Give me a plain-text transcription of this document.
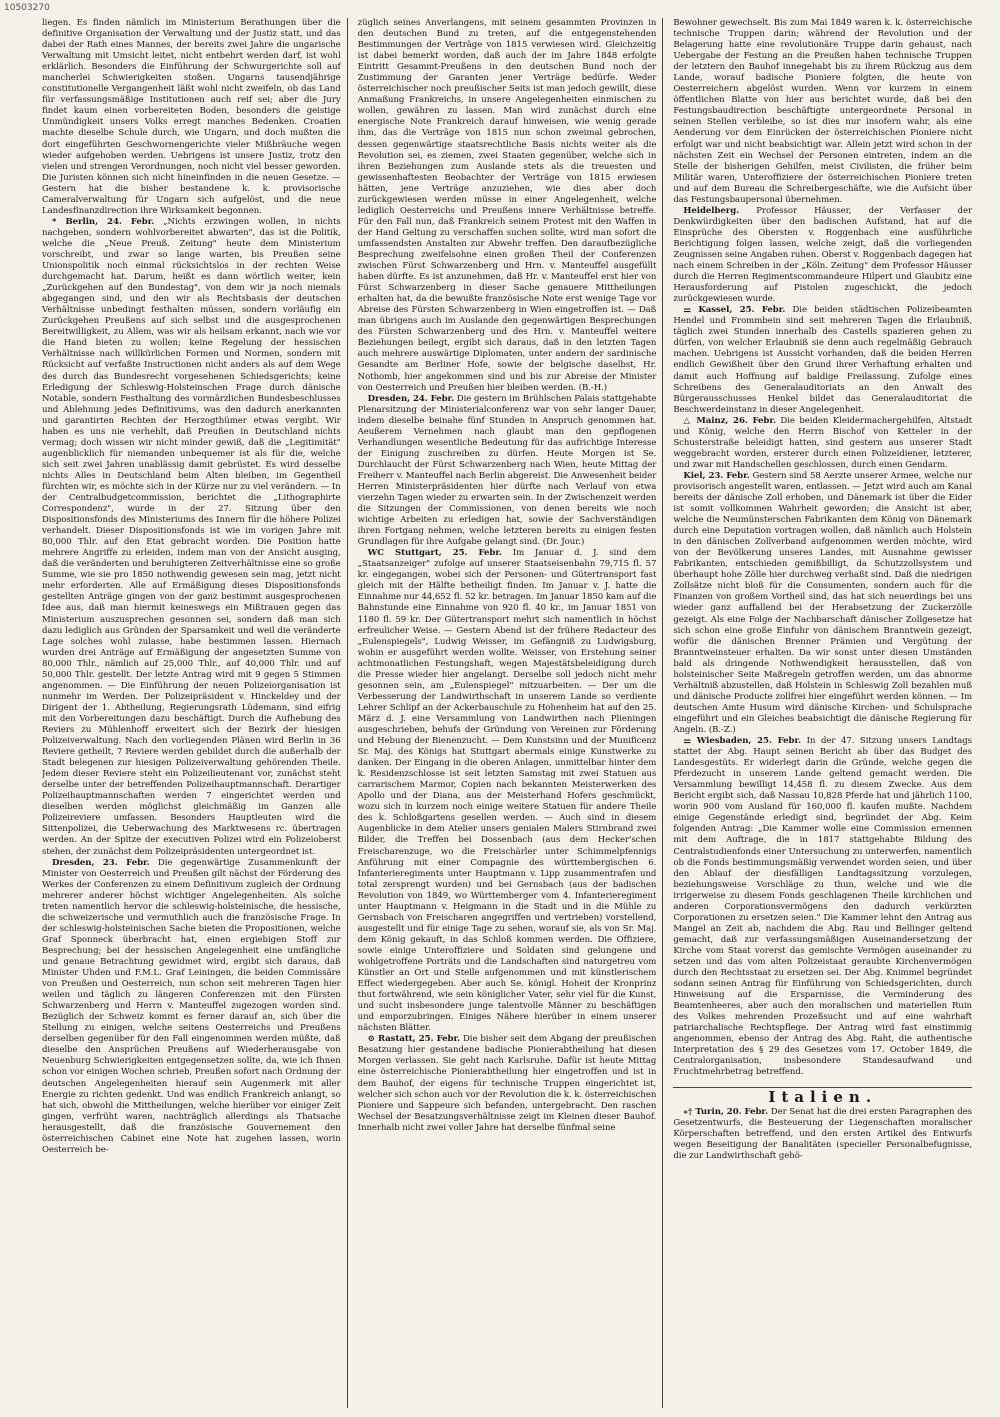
10503270

liegen. Es finden nämlich im Ministerium Berathungen über die definitive Organisation der Verwaltung und der Justiz statt, und das dabei der Rath eines Mannes, der bereits zwei Jahre die ungarische Verwaltung mit Umsicht leitet, nicht entbehrt werden darf, ist wohl erklärlich. Besonders die Einführung der Schwurgerichte soll auf mancherlei Schwierigkeiten stoßen. Ungarns tausendjährige constitutionelle Vergangenheit läßt wohl nicht zweifeln, ob das Land für verfassungsmäßige Institutionen auch reif sei; aber die Jury findet kaum einen vorbereiteten Boden, besonders die geistige Unmündigkeit unsers Volks erregt manches Bedenken. Croatien machte dieselbe Schule durch, wie Ungarn, und doch mußten die dort eingeführten Geschwornengerichte vieler Mißbräuche wegen wieder aufgehoben werden. Uebrigens ist unsere Justiz, trotz den vielen und strengen Verordnungen, noch nicht viel besser geworden. Die Juristen können sich nicht hineinfinden in die neuen Gesetze. — Gestern hat die bisher bestandene k. k. provisorische Cameralverwaltung für Ungarn sich aufgelöst, und die neue Landesfinanzdirection ihre Wirksamkeit begonnen.

* Berlin, 24. Febr. „Nichts erzwingen wollen, in nichts nachgeben, sondern wohlvorbereitet abwarten", das ist die Politik, welche die „Neue Preuß. Zeitung" heute dem Ministerium vorschreibt, und zwar so lange warten, bis Preußen seine Unionspolitik noch einmal rücksichtslos in der rechten Weise durchgemacht hat. Darum, heißt es dann wörtlich weiter, kein „Zurückgehen auf den Bundestag", von dem wir ja noch niemals abgegangen sind, und den wir als Rechtsbasis der deutschen Verhältnisse unbedingt festhalten müssen, sondern vorläufig ein Zurückgehen Preußens auf sich selbst und die ausgesprochenen Bereitwilligkeit, zu Allem, was wir als heilsam erkannt, nach wie vor die Hand bieten zu wollen; keine Regelung der hessischen Verhältnisse nach willkürlichen Formen und Normen, sondern mit Rücksicht auf verfaßte Instructionen nicht anders als auf dem Wege des durch das Bundesrecht vorgesehenen Schiedsgerichts; keine Erledigung der Schleswig-Holsteinschen Frage durch dänische Notable, sondern Festhaltung des vormärzlichen Bundesbeschlusses und Ablehnung jedes Definitivums, was den dadurch anerkannten und garantirten Rechten der Herzogthümer etwas vergibt. Wir haben es uns nie verhehlt, daß Preußen in Deutschland nichts vermag; doch wissen wir nicht minder gewiß, daß die „Legitimität" augenblicklich für niemanden unbequemer ist als für die, welche sich seit zwei Jahren unablässig damit gebrüstet. Es wird desselbe nichts Alles in Deutschland beim Alten bleiben, im Gegentheil fürchten wir, es möchte sich in der Kürze nur zu viel verändern. — In der Centralbudgetcommission, berichtet die „Lithographirte Correspondenz", wurde in der 27. Sitzung über den Dispositionsfonds des Ministeriums des Innern für die höhere Polizei verhandelt. Dieser Dispositionsfonds ist wie im vorigen Jahre mit 80,000 Thlr. auf den Etat gebracht worden. Die Position hatte mehrere Angriffe zu erleiden, indem man von der Ansicht ausging, daß die veränderten und beruhigteren Zeitverhältnisse eine so große Summe, wie sie pro 1850 nothwendig gewesen sein mag, jetzt nicht mehr erforderten. Alle auf Ermäßigung dieses Dispositionsfonds gestellten Anträge gingen von der ganz bestimmt ausgesprochenen Idee aus, daß man hiermit keineswegs ein Mißtrauen gegen das Ministerium auszusprechen gesonnen sei, sondern daß man sich dazu lediglich aus Gründen der Sparsamkeit und weil die veränderte Lage solches wohl zulasse, habe bestimmen lassen. Hiernach wurden drei Anträge auf Ermäßigung der angesetzten Summe von 80,000 Thlr., nämlich auf 25,000 Thlr., auf 40,000 Thlr. und auf 50,000 Thlr. gestellt. Der letzte Antrag wird mit 9 gegen 5 Stimmen angenommen. — Die Einführung der neuen Polizeiorganisation ist nunmehr im Werden. Der Polizeipräsident v. Hinckeldey und der Dirigent der 1. Abtheilung, Regierungsrath Lüdemann, sind eifrig mit den Vorbereitungen dazu beschäftigt. Durch die Aufhebung des Reviers zu Mühlenhoff erweitert sich der Bezirk der hiesigen Polizeiverwaltung. Nach den vorliegenden Plänen wird Berlin in 36 Reviere getheilt, 7 Reviere werden gebildet durch die außerhalb der Stadt belegenen zur hiesigen Polizeiverwaltung gehörenden Theile. Jedem dieser Reviere steht ein Polizeilieutenant vor, zunächst steht derselbe unter der betreffenden Polizeihauptmannschaft. Derartiger Polizeihauptmannschaften werden 7 eingerichtet werden und dieselben werden möglichst gleichmäßig im Ganzen alle Polizeireviere umfassen. Besonders Hauptleuten wird die Sittenpolizei, die Ueberwachung des Marktwesens rc. übertragen werden. An der Spitze der executiven Polizei wird ein Polizeioberst stehen, der zunächst dem Polizeipräsidenten untergeordnet ist.

Dresden, 23. Febr. Die gegenwärtige Zusammenkunft der Minister von Oesterreich und Preußen gilt nächst der Förderung des Werkes der Conferenzen zu einem Definitivum zugleich der Ordnung mehrerer anderer höchst wichtiger Angelegenheiten. Als solche treten namentlich hervor die schleswig-holsteinische, die hessische, die schweizerische und vermuthlich auch die französische Frage. In der schleswig-holsteinischen Sache bieten die Propositionen, welche Graf Sponneck überbracht hat, einen ergiebigen Stoff zur Besprechung; bei der hessischen Angelegenheit eine umfängliche und genaue Betrachtung gewidmet wird, ergibt sich daraus, daß Minister Uhden und F.M.L. Graf Leiningen, die beiden Commissäre von Preußen und Oesterreich, nun schon seit mehreren Tagen hier weilen und täglich zu längeren Conferenzen mit den Fürsten Schwarzenberg und Herrn v. Manteuffel zugezogen worden sind. Bezüglich der Schweiz kommt es ferner darauf an, sich über die Stellung zu einigen, welche seitens Oesterreichs und Preußens derselben gegenüber für den Fall eingenommen werden müßte, daß dieselbe den Ansprüchen Preußens auf Wiederherausgabe von Neuenburg Schwierigkeiten entgegensetzen sollte, da, wie ich Ihnen schon vor einigen Wochen schrieb, Preußen sofort nach Ordnung der deutschen Angelegenheiten hierauf sein Augenmerk mit aller Energie zu richten gedenkt. Und was endlich Frankreich anlangt, so hat sich, obwohl die Mittheilungen, welche hierüber vor einiger Zeit gingen, verfrüht waren, nachträglich allerdings als Thatsache herausgestellt, daß die französische Gouvernement den österreichischen Cabinet eine Note hat zugehen lassen, worin Oesterreich be-

züglich seines Anverlangens, mit seinem gesammten Provinzen in den deutschen Bund zu treten, auf die entgegenstehenden Bestimmungen der Verträge von 1815 verwiesen wird. Gleichzeitig ist dabei bemerkt worden, daß auch der im Jahre 1848 erfolgte Eintritt Gesammt-Preußens in den deutschen Bund noch der Zustimmung der Garanten jener Verträge bedürfe. Weder österreichischer noch preußischer Seits ist man jedoch gewillt, diese Anmaßung Frankreichs, in unsere Angelegenheiten einmischen zu wollen, gewähren zu lassen. Man wird zunächst durch eine energische Note Frankreich darauf hinweisen, wie wenig gerade ihm, das die Verträge von 1815 nun schon zweimal gebrochen, dessen gegenwärtige staatsrechtliche Basis nichts weiter als die Revolution sei, es ziemen, zwei Staaten gegenüber, welche sich in ihren Beziehungen zum Auslande stets als die treuesten und gewissenhaftesten Beobachter der Verträge von 1815 erwiesen hätten, jene Verträge anzuziehen, wie dies aber doch zurückgewiesen werden müsse in einer Angelegenheit, welche lediglich Oesterreichs und Preußens innere Verhältnisse betreffe. Für den Fall nun, daß Frankreich seinem Protest mit den Waffen in der Hand Geltung zu verschaffen suchen sollte, wird man sofort die umfassendsten Anstalten zur Abwehr treffen. Den daraufbezügliche Besprechung zweifelsohne einen großen Theil der Conferenzen zwischen Fürst Schwarzenberg und Hrn. v. Manteuffel ausgefüllt haben dürfte. Es ist anzunehmen, daß Hr. v. Manteuffel erst hier von Fürst Schwarzenberg in dieser Sache genauere Mittheilungen erhalten hat, da die bewußte französische Note erst wenige Tage vor Abreise des Fürsten Schwarzenberg in Wien eingetroffen ist. — Daß man übrigens auch im Auslande den gegenwärtigen Besprechungen des Fürsten Schwarzenberg und des Hrn. v. Manteuffel weitere Beziehungen beilegt, ergibt sich daraus, daß in den letzten Tagen auch mehrere auswärtige Diplomaten, unter andern der sardinische Gesandte am Berliner Hofe, sowie der belgische daselbst, Hr. Nothomb, hier angekommen sind und bis zur Abreise der Minister von Oesterreich und Preußen hier bleiben werden. (B.-H.)

Dresden, 24. Febr. Die gestern im Brühlschen Palais stattgehabte Plenarsitzung der Ministerialconferenz war von sehr langer Dauer, indem dieselbe beinahe fünf Stunden in Anspruch genommen hat. Aeußerem Vernehmen nach glaubt man den gepflogenen Verhandlungen wesentliche Bedeutung für das aufrichtige Interesse der Einigung zuschreiben zu dürfen. Heute Morgen ist Se. Durchlaucht der Fürst Schwarzenberg nach Wien, heute Mittag der Freiherr v. Manteuffel nach Berlin abgereist. Die Anwesenheit beider Herren Ministerpräsidenten hier dürfte nach Verlauf von etwa vierzehn Tagen wieder zu erwarten sein. In der Zwischenzeit werden die Sitzungen der Commissionen, von denen bereits wie noch wichtige Arbeiten zu erledigen hat, sowie der Sachverständigen ihren Fortgang nehmen, welche letzteren bereits zu einigen festen Grundlagen für ihre Aufgabe gelangt sind. (Dr. Jour.)

WC Stuttgart, 25. Febr. Im Januar d. J. sind dem „Staatsanzeiger" zufolge auf unserer Staatseisenbahn 79,715 fl. 57 kr. eingegangen, wobei sich der Personen- und Gütertransport fast gleich mit der Hälfte betheiligt finden. Im Januar v. J. hatte die Einnahme nur 44,652 fl. 52 kr. betragen. Im Januar 1850 kam auf die Bahnstunde eine Einnahme von 920 fl. 40 kr., im Januar 1851 von 1180 fl. 59 kr. Der Gütertransport mehrt sich namentlich in höchst erfreulicher Weise. — Gestern Abend ist der frühere Redacteur des „Eulenspiegels", Ludwig Weisser, im Gefängniß zu Ludwigsburg, wohin er ausgeführt werden wollte. Weisser, von Erstehung seiner achtmonatlichen Festungshaft, wegen Majestätsbeleidigung durch die Presse wieder hier angelangt. Derselbe soll jedoch nicht mehr gesonnen sein, am „Eulenspiegel" mitzuarbeiten. — Der um die Verbesserung der Landwirthschaft in unserem Lande so verdiente Lehrer Schlipf an der Ackerbauschule zu Hohenheim hat auf den 25. März d. J. eine Versammlung von Landwirthen nach Plieningen ausgeschrieben, behufs der Gründung von Vereinen zur Förderung und Hebung der Bienenzucht. — Dem Kunstsinn und der Munificenz Sr. Maj. des Königs hat Stuttgart abermals einige Kunstwerke zu danken. Der Eingang in die oberen Anlagen, unmittelbar hinter dem k. Residenzschlosse ist seit letzten Samstag mit zwei Statuen aus carrarischem Marmor, Copien nach bekannten Meisterwerken des Apollo und der Diana, aus der Meisterhand Hofers geschmückt, wozu sich in kurzem noch einige weitere Statuen für andere Theile des k. Schloßgartens gesellen werden. — Auch sind in diesem Augenblicke in dem Atelier unsers genialen Malers Stirnbrand zwei Bilder, die Treffen bei Dossenbach (aus dem Hecker'schen Freischarenzuge, wo die Freischärler unter Schimmelpfennigs Anführung mit einer Compagnie des württembergischen 6. Infanterieregiments unter Hauptmann v. Lipp zusammentrafen und total zersprengt wurden) und bei Gernsbach (aus der badischen Revolution von 1849, wo Württemberger vom 4. Infanterieregiment unter Hauptmann v. Heigmann in die Stadt und in die Mühle zu Gernsbach von Freischaren angegriffen und vertrieben) vorstellend, ausgestellt und für einige Tage zu sehen, worauf sie, als von Sr. Maj. dem König gekauft, in das Schloß kommen werden. Die Offiziere, sowie einige Unteroffiziere und Soldaten sind gelungene und wohlgetroffene Porträts und die Landschaften sind naturgetreu vom Künstler an Ort und Stelle aufgenommen und mit künstlerischem Effect wiedergegeben. Aber auch Se. königl. Hoheit der Kronprinz thut fortwährend, wie sein königlicher Vater, sehr viel für die Kunst, und sucht insbesondere junge talentvolle Männer zu beschäftigen und emporzubringen. Einiges Nähere hierüber in einem unserer nächsten Blätter.

⊙ Rastatt, 25. Febr. Die bisher seit dem Abgang der preußischen Besatzung hier gestandene badische Pionierabtheilung hat diesen Morgen verlassen. Sie geht nach Karlsruhe. Dafür ist heute Mittag eine österreichische Pionierabtheilung hier eingetroffen und ist in dem Bauhof, der eigens für technische Truppen eingerichtet ist, welcher sich schon auch vor der Revolution die k. k. österreichischen Pioniere und Sappeure sich befanden, untergebracht. Den raschen Wechsel der Besatzungsverhältnisse zeigt im Kleinen dieser Bauhof. Innerhalb nicht zwei voller Jahre hat derselbe fünfmal seine

Bewohner gewechselt. Bis zum Mai 1849 waren k. k. österreichische technische Truppen darin; während der Revolution und der Belagerung hatte eine revolutionäre Truppe darin gehaust, nach Uebergabe der Festung an die Preußen haben technische Truppen der letztern den Bauhof innegehabt bis zu ihrem Rückzug aus dem Lande, worauf badische Pioniere folgten, die heute von Oesterreichern abgelöst wurden. Wenn vor kurzem in einem öffentlichen Blatte von hier aus berichtet wurde, daß bei den Festungsbaudirection beschäftigte untergeordnete Personal in seinen Stellen verbleibe, so ist dies nur insofern wahr, als eine Aenderung vor dem Einrücken der österreichischen Pioniere nicht erfolgt war und nicht beabsichtigt war. Allein jetzt wird schon in der nächsten Zeit ein Wechsel der Personen eintreten, indem an die Stelle der bisherigen Gehilfen, meist Civilisten, die früher beim Militär waren, Unteroffiziere der österreichischen Pioniere treten und auf dem Bureau die Schreibergeschäfte, wie die Aufsicht über das Festungsbaupersonal übernehmen.

Heidelberg. Professor Häusser, der Verfasser der Denkwürdigkeiten über den badischen Aufstand, hat auf die Einsprüche des Obersten v. Roggenbach eine ausführliche Berichtigung folgen lassen, welche zeigt, daß die vorliegenden Zeugnissen seine Angaben ruhen. Oberst v. Roggenbach dagegen hat nach einem Schreiben in der „Köln. Zeitung" dem Professor Häusser durch die Herren Regimentscommandeure Hilpert und Glaubitz eine Herausforderung auf Pistolen zugeschickt, die jedoch zurückgewiesen wurde.

⚌ Kassel, 25. Febr. Die beiden städtischen Polizeibeamten Hendel und Frommbein sind seit mehreren Tagen die Erlaubniß, täglich zwei Stunden innerhalb des Castells spazieren gehen zu dürfen, von welcher Erlaubniß sie denn auch regelmäßig Gebrauch machen. Uebrigens ist Aussicht vorhanden, daß die beiden Herren endlich Gewißheit über den Grund ihrer Verhaftung erhalten und damit auch Hoffnung auf baldige Freilassung. Zufolge eines Schreibens des Generalauditoriats an den Anwalt des Bürgerausschusses Henkel bildet das Generalauditoriat die Beschwerdeinstanz in dieser Angelegenheit.

△ Mainz, 26. Febr. Die beiden Kleidermachergehilfen, Altstadt und König, welche den Herrn Bischof von Ketteler in der Schusterstraße beleidigt hatten, sind gestern aus unserer Stadt weggebracht worden, ersterer durch einen Polizeidiener, letzterer, und zwar mit Handschellen geschlossen, durch einen Gendarm.

Kiel, 23. Febr. Gestern sind 58 Aerzte unserer Armee, welche nur provisorisch angestellt waren, entlassen. — Jetzt wird auch am Kanal bereits der dänische Zoll erhoben, und Dänemark ist über die Eider ist somit vollkommen Wahrheit geworden; die Ansicht ist aber, welche die Neumünsterschen Fabrikanten dem König von Dänemark durch eine Deputation vortragen wollen, daß nämlich auch Holstein in den dänischen Zollverband aufgenommen werden möchte, wird von der Bevölkerung unseres Landes, mit Ausnahme gewisser Fabrikanten, entschieden gemißbilligt, da Schutzzollsystem und überhaupt hohe Zölle hier durchweg verhaßt sind. Daß die niedrigen Zollsätze nicht bloß für die Consumenten, sondern auch für die Finanzen von großem Vortheil sind, das hat sich neuerdings bei uns wieder ganz auffallend bei der Herabsetzung der Zuckerzölle gezeigt. Als eine Folge der Nachbarschaft dänischer Zollgesetze hat sich schon eine große Einfuhr von dänischem Branntwein gezeigt, wofür die dänischen Brenner Prämien und Vergütung der Branntweinsteuer erhalten. Da wir sonst unter diesen Umständen bald als dringende Nothwendigkeit herausstellen, daß von holsteinischer Seite Maßregeln getroffen werden, um das abnorme Verhältniß abzustellen, daß Holstein in Schleswig Zoll bezahlen muß und dänische Producte zollfrei hier eingeführt werden können. — Im deutschen Amte Husum wird dänische Kirchen- und Schulsprache eingeführt und ein Gleiches beabsichtigt die dänische Regierung für Angeln. (B.-Z.)

⚌ Wiesbaden, 25. Febr. In der 47. Sitzung unsers Landtags stattet der Abg. Haupt seinen Bericht ab über das Budget des Landesgestüts. Er widerlegt darin die Gründe, welche gegen die Pferdezucht in unserem Lande geltend gemacht werden. Die Versammlung bewilligt 14,458 fl. zu diesem Zwecke. Aus dem Bericht ergibt sich, daß Nassau 10,828 Pferde hat und jährlich 1100, worin 900 vom Ausland für 160,000 fl. kaufen mußte. Nachdem einige Gegenstände erledigt sind, begründet der Abg. Keim folgenden Antrag: „Die Kammer wolle eine Commission ernennen mit dem Auftrage, die in 1817 stattgehabte Bildung des Centralstudienfonds einer Untersuchung zu unterwerfen, namentlich ob die Fonds bestimmungsmäßig verwendet worden seien, und über den Ablauf der diesfälligen Landtagssitzung vorzulegen, beziehungsweise Vorschläge zu thun, welche und wie die irrigerweise zu diesem Fonds geschlagenen Theile kirchlichen und anderen Corporationsvermögens den dadurch verkürzten Corporationen zu ersetzen seien." Die Kammer lehnt den Antrag aus Mangel an Zeit ab, nachdem die Abg. Rau und Bellinger geltend gemacht, daß zur verfassungsmäßigen Auseinandersetzung der Kirche vom Staat vorerst das gemischte Vermögen auseinander zu setzen und das vom alten Polizeistaat geraubte Kirchenvermögen durch den Rechtsstaat zu ersetzen sei. Der Abg. Knimmel begründet sodann seinen Antrag für Einführung von Schiedsgerichten, durch Hinweisung auf die Ersparnisse, die Verminderung des Beamtenheeres, aber auch den moralischen und materiellen Ruin des Volkes mehrenden Prozeßsucht und auf eine wahrhaft patriarchalische Rechtspflege. Der Antrag wird fast einstimmig angenommen, ebenso der Antrag des Abg. Raht, die authentische Interpretation des § 29 des Gesetzes vom 17. October 1849, die Centralorganisation, insbesondere Standesaufwand und Fruchtmehrbetrag betreffend.

Italien.

⁎† Turin, 20. Febr. Der Senat hat die drei ersten Paragraphen des Gesetzentwurfs, die Besteuerung der Liegenschaften moralischer Körperschaften betreffend, und den ersten Artikel des Entwurfs wegen Beseitigung der Banalitäten (specieller Personalbefugnisse, die zur Landwirthschaft gehö-
